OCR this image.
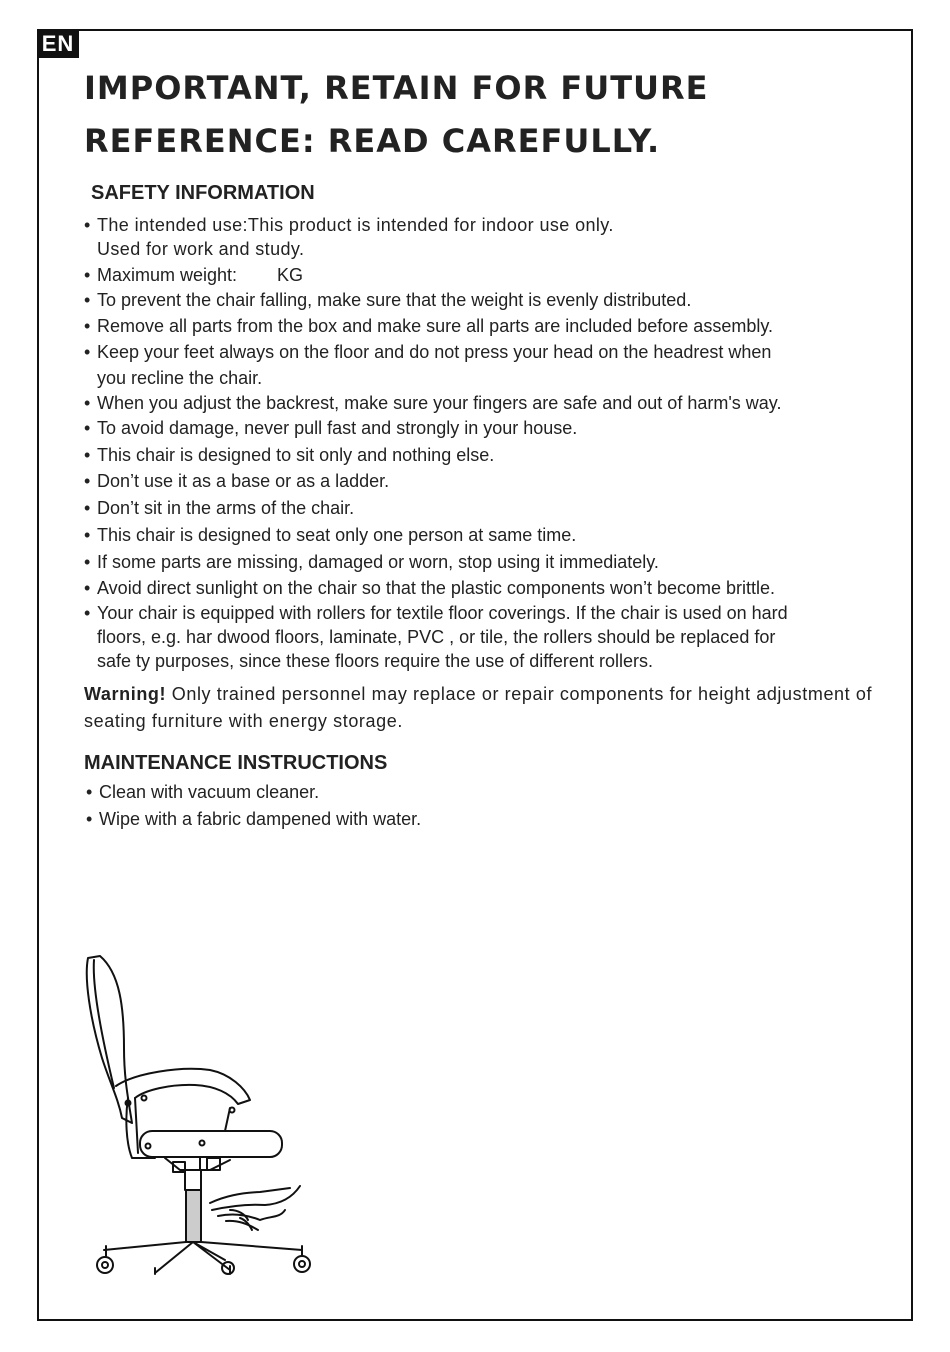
EN
IMPORTANT, RETAIN FOR FUTURE
REFERENCE: READ CAREFULLY.
SAFETY INFORMATION
• The intended use:This product is intended for indoor use only.
Used for work and study.
• Maximum weight:        KG
• To prevent the chair falling, make sure that the weight is evenly distributed.
• Remove all parts from the box and make sure all parts are included before assembly.
• Keep your feet always on the floor and do not press your head on the headrest when
you recline the chair.
• When you adjust the backrest, make sure your fingers are safe and out of harm's way.
• To avoid damage, never pull fast and strongly in your house.
• This chair is designed to sit only and nothing else.
• Don’t use it as a base or as a ladder.
• Don’t sit in the arms of the chair.
• This chair is designed to seat only one person at same time.
• If some parts are missing, damaged or worn, stop using it immediately.
• Avoid direct sunlight on the chair so that the plastic components won’t become brittle.
• Your chair is equipped with rollers for textile floor coverings. If the chair is used on hard
floors, e.g. har dwood floors, laminate, PVC , or tile, the rollers should be replaced for
safe ty purposes, since these floors require the use of different rollers.

Warning! Only trained personnel may replace or repair components for height adjustment of seating furniture with energy storage.

MAINTENANCE INSTRUCTIONS
• Clean with vacuum cleaner.
• Wipe with a fabric dampened with water.
